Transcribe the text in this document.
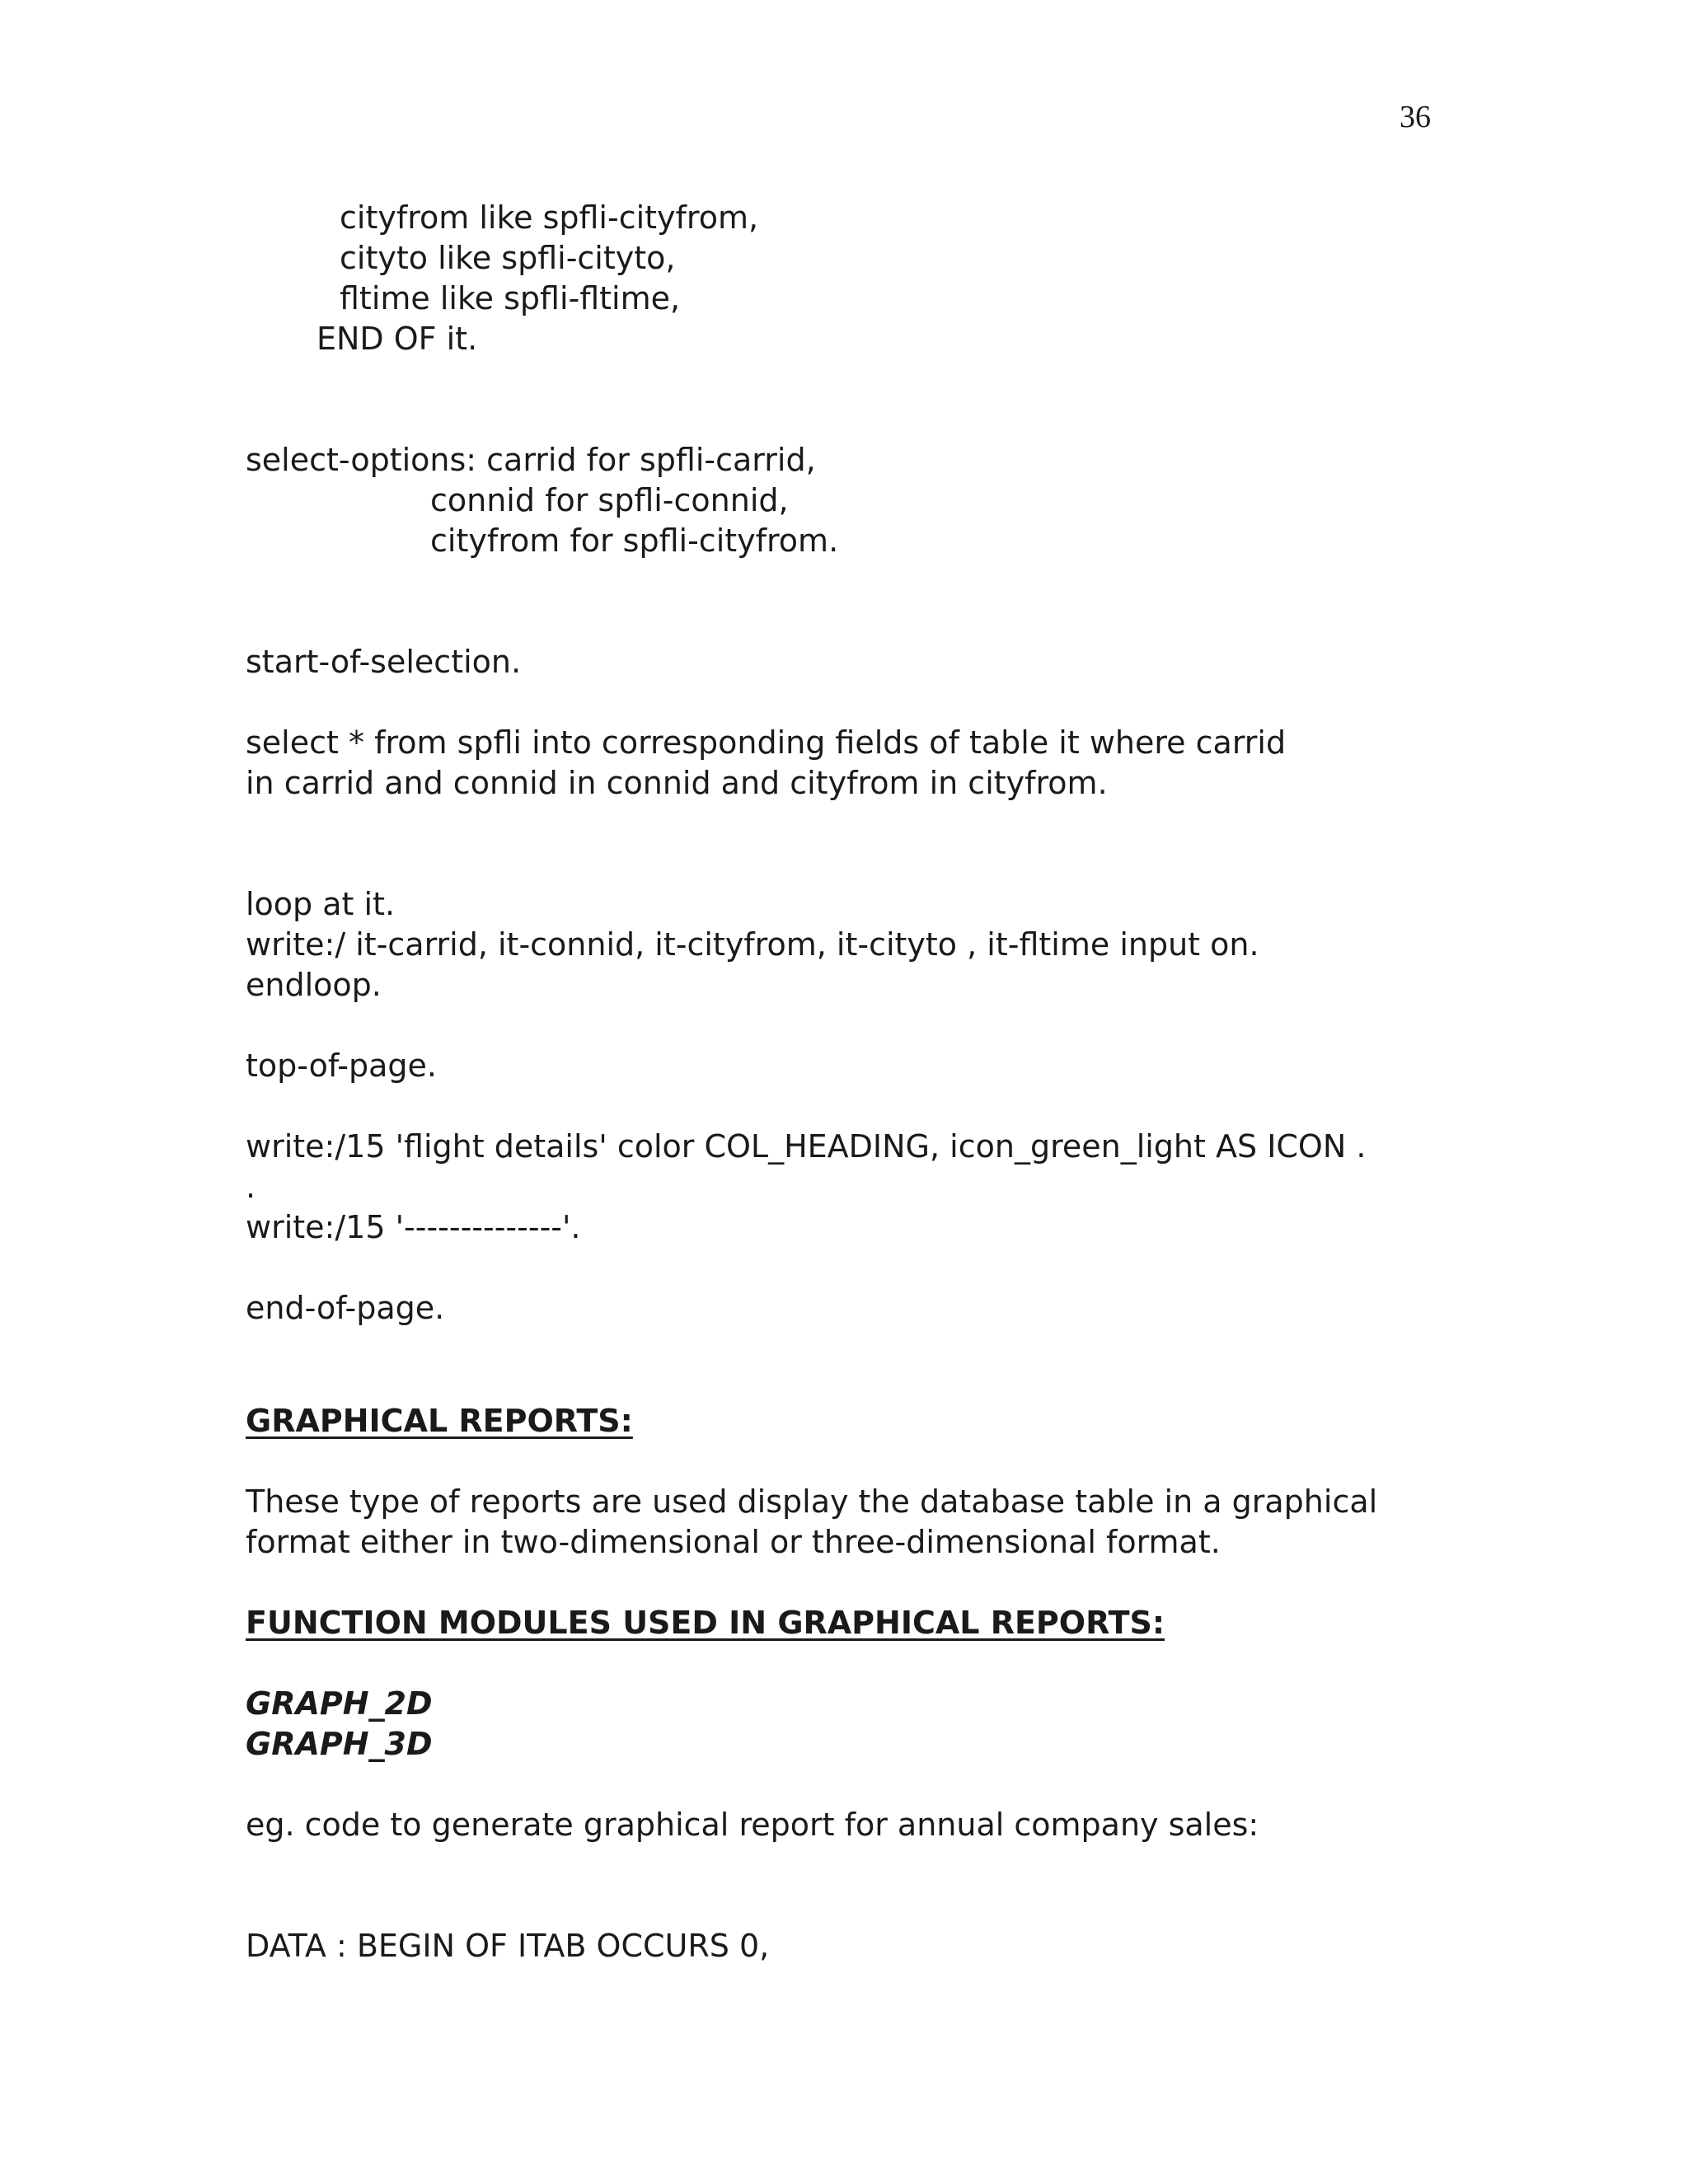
36
cityfrom like spfli-cityfrom,
cityto like spfli-cityto,
fltime like spfli-fltime,
END OF it.
select-options: carrid for spfli-carrid,
connid for spfli-connid,
cityfrom for spfli-cityfrom.
start-of-selection.
select * from spfli into corresponding fields of table it where carrid
in carrid and connid in connid and cityfrom in cityfrom.
loop at it.
write:/ it-carrid, it-connid, it-cityfrom, it-cityto , it-fltime input on.
endloop.
top-of-page.
write:/15 'flight details' color COL_HEADING, icon_green_light AS ICON .
.
write:/15 '--------------'.
end-of-page.
GRAPHICAL REPORTS:
These type of reports are used display the database table in a graphical
format either in two-dimensional or three-dimensional format.
FUNCTION MODULES USED IN GRAPHICAL REPORTS:
GRAPH_2D
GRAPH_3D
eg. code to generate graphical report for annual company sales:
DATA : BEGIN OF ITAB OCCURS 0,
